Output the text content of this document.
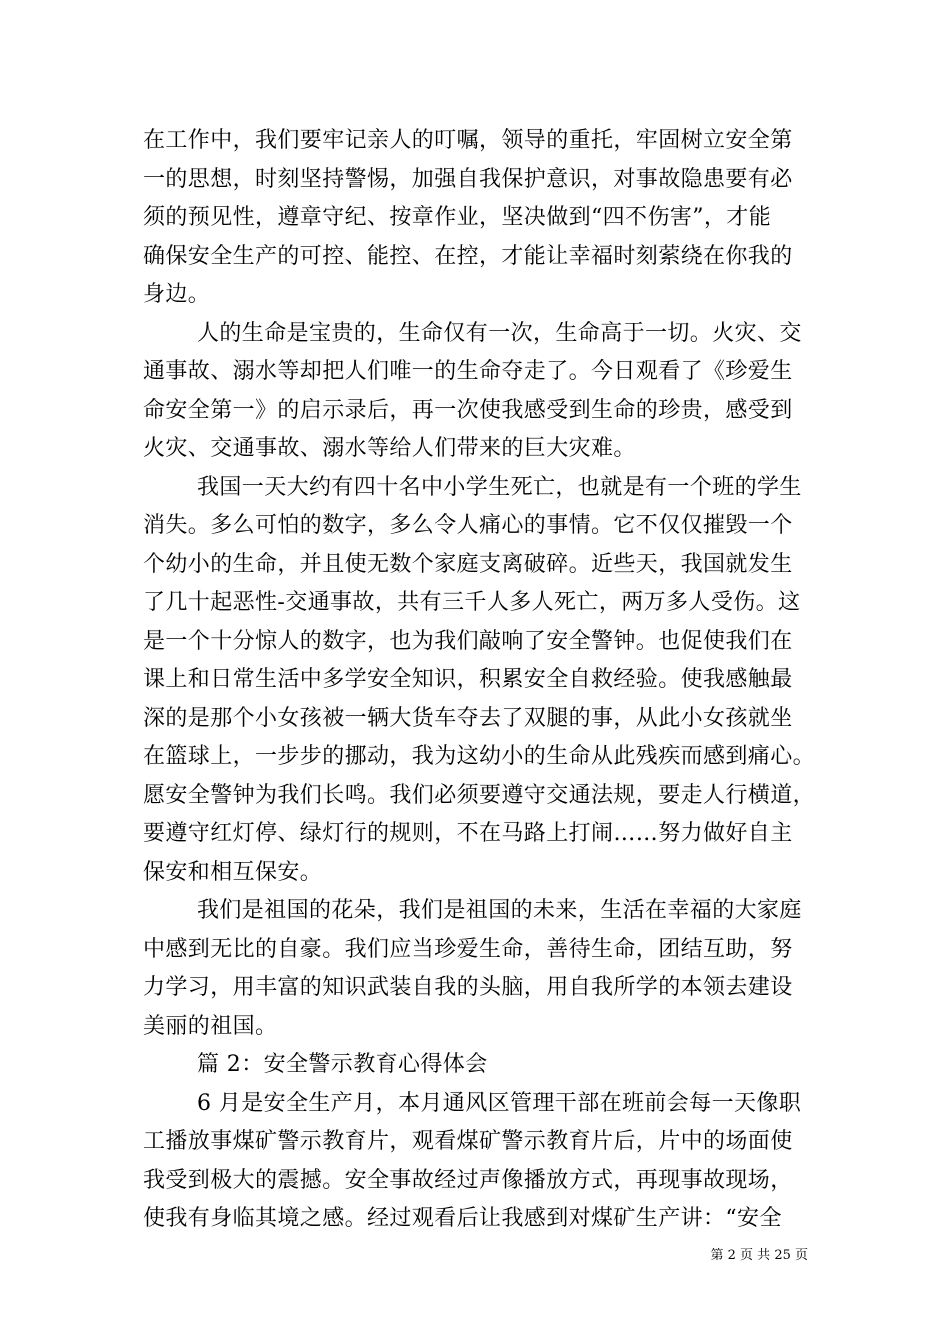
在工作中，我们要牢记亲人的叮嘱，领导的重托，牢固树立安全第
一的思想，时刻坚持警惕，加强自我保护意识，对事故隐患要有必
须的预见性，遵章守纪、按章作业，坚决做到“四不伤害”，才能
确保安全生产的可控、能控、在控，才能让幸福时刻萦绕在你我的
身边。
人的生命是宝贵的，生命仅有一次，生命高于一切。火灾、交
通事故、溺水等却把人们唯一的生命夺走了。今日观看了《珍爱生
命安全第一》的启示录后，再一次使我感受到生命的珍贵，感受到
火灾、交通事故、溺水等给人们带来的巨大灾难。
我国一天大约有四十名中小学生死亡，也就是有一个班的学生
消失。多么可怕的数字，多么令人痛心的事情。它不仅仅摧毁一个
个幼小的生命，并且使无数个家庭支离破碎。近些天，我国就发生
了几十起恶性-交通事故，共有三千人多人死亡，两万多人受伤。这
是一个十分惊人的数字，也为我们敲响了安全警钟。也促使我们在
课上和日常生活中多学安全知识，积累安全自救经验。使我感触最
深的是那个小女孩被一辆大货车夺去了双腿的事，从此小女孩就坐
在篮球上，一步步的挪动，我为这幼小的生命从此残疾而感到痛心。
愿安全警钟为我们长鸣。我们必须要遵守交通法规，要走人行横道，
要遵守红灯停、绿灯行的规则，不在马路上打闹……努力做好自主
保安和相互保安。
我们是祖国的花朵，我们是祖国的未来，生活在幸福的大家庭
中感到无比的自豪。我们应当珍爱生命，善待生命，团结互助，努
力学习，用丰富的知识武装自我的头脑，用自我所学的本领去建设
美丽的祖国。
篇 2：安全警示教育心得体会
6 月是安全生产月，本月通风区管理干部在班前会每一天像职
工播放事煤矿警示教育片，观看煤矿警示教育片后，片中的场面使
我受到极大的震撼。安全事故经过声像播放方式，再现事故现场，
使我有身临其境之感。经过观看后让我感到对煤矿生产讲：“安全
第 2 页 共 25 页
